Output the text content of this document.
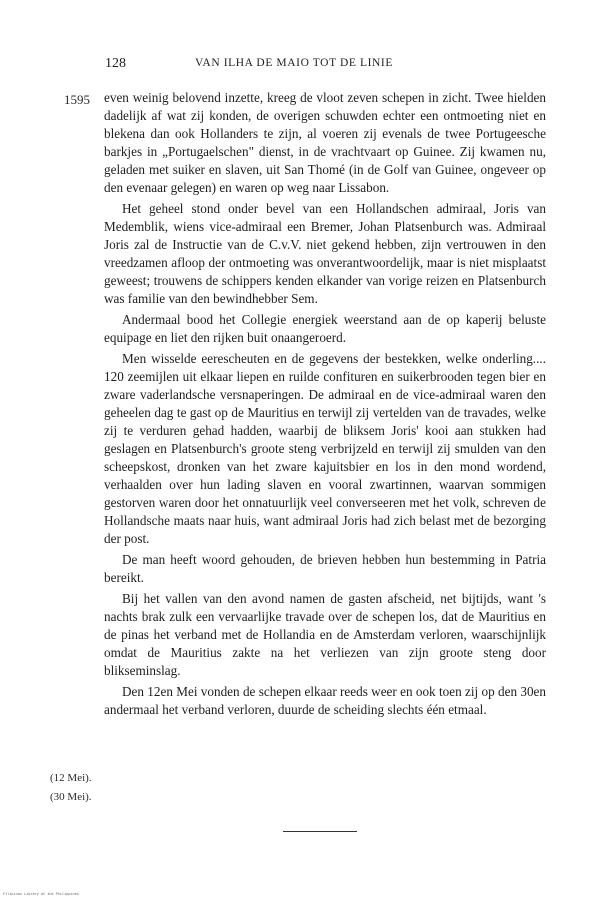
128	VAN ILHA DE MAIO TOT DE LINIE
1595 even weinig belovend inzette, kreeg de vloot zeven schepen in zicht. Twee hielden dadelijk af wat zij konden, de overigen schuwden echter een ontmoeting niet en blekena dan ook Hollanders te zijn, al voeren zij evenals de twee Portugeesche barkjes in „Portugaelschen" dienst, in de vrachtvaart op Guinee. Zij kwamen nu, geladen met suiker en slaven, uit San Thomé (in de Golf van Guinee, ongeveer op den evenaar gelegen) en waren op weg naar Lissabon.

Het geheel stond onder bevel van een Hollandschen admiraal, Joris van Medemblik, wiens vice-admiraal een Bremer, Johan Platsenburch was. Admiraal Joris zal de Instructie van de C.v.V. niet gekend hebben, zijn vertrouwen in den vreedzamen afloop der ontmoeting was onverantwoordelijk, maar is niet misplaatst geweest; trouwens de schippers kenden elkander van vorige reizen en Platsenburch was familie van den bewindhebber Sem.

Andermaal bood het Collegie energiek weerstand aan de op kaperij beluste equipage en liet den rijken buit onaangeroerd.

Men wisselde eerescheuten en de gegevens der bestekken, welke onderling.... 120 zeemijlen uit elkaar liepen en ruilde confituren en suikerbrooden tegen bier en zware vaderlandsche versnaperingen. De admiraal en de vice-admiraal waren den geheelen dag te gast op de Mauritius en terwijl zij vertelden van de travades, welke zij te verduren gehad hadden, waarbij de bliksem Joris' kooi aan stukken had geslagen en Platsenburch's groote steng verbrijzeld en terwijl zij smulden van den scheepskost, dronken van het zware kajuitsbier en los in den mond wordend, verhaalden over hun lading slaven en vooral zwartinnen, waarvan sommigen gestorven waren door het onnatuurlijk veel converseeren met het volk, schreven de Hollandsche maats naar huis, want admiraal Joris had zich belast met de bezorging der post.

De man heeft woord gehouden, de brieven hebben hun bestemming in Patria bereikt.

Bij het vallen van den avond namen de gasten afscheid, net bijtijds, want 's nachts brak zulk een vervaarlijke travade over de schepen los, dat de Mauritius en de pinas het verband met de Hollandia en de Amsterdam verloren, waarschijnlijk omdat de Mauritius zakte na het verliezen van zijn groote steng door blikseminslag.

Den 12en Mei vonden de schepen elkaar reeds weer en ook toen zij op den 30en andermaal het verband verloren, duurde de scheiding slechts één etmaal.

(12 Mei).
(30 Mei).
Filipinas Library at the Philippines
